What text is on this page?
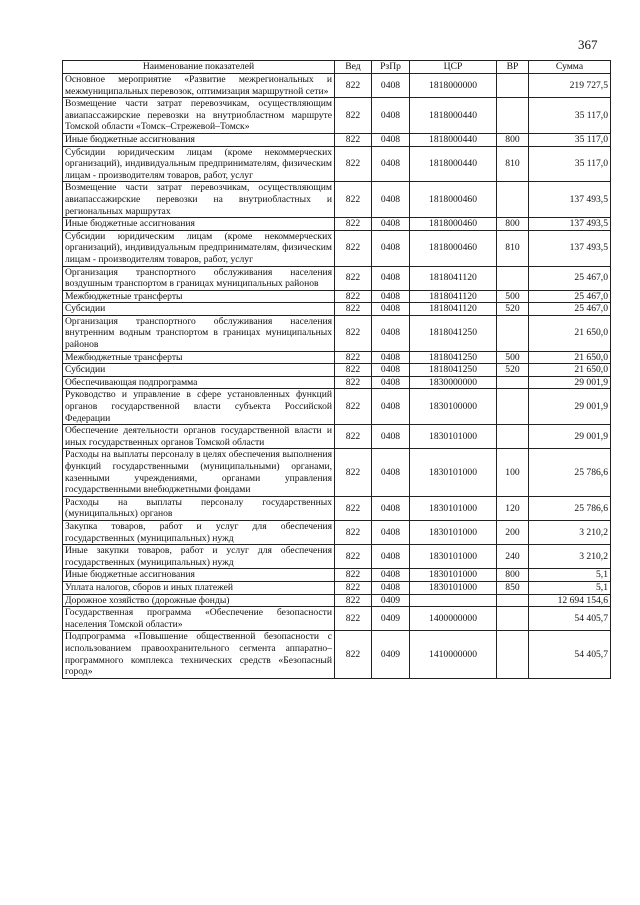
367
Наименование показателей	Вед	РзПр	ЦСР	ВР	Сумма
Основное мероприятие «Развитие межрегиональных и межмуниципальных перевозок, оптимизация маршрутной сети»	822	0408	1818000000		219 727,5
Возмещение части затрат перевозчикам, осуществляющим авиапассажирские перевозки на внутриобластном маршруте Томской области «Томск–Стрежевой–Томск»	822	0408	1818000440		35 117,0
Иные бюджетные ассигнования	822	0408	1818000440	800	35 117,0
Субсидии юридическим лицам (кроме некоммерческих организаций), индивидуальным предпринимателям, физическим лицам - производителям товаров, работ, услуг	822	0408	1818000440	810	35 117,0
Возмещение части затрат перевозчикам, осуществляющим авиапассажирские перевозки на внутриобластных и региональных маршрутах	822	0408	1818000460		137 493,5
Иные бюджетные ассигнования	822	0408	1818000460	800	137 493,5
Субсидии юридическим лицам (кроме некоммерческих организаций), индивидуальным предпринимателям, физическим лицам - производителям товаров, работ, услуг	822	0408	1818000460	810	137 493,5
Организация транспортного обслуживания населения воздушным транспортом в границах муниципальных районов	822	0408	1818041120		25 467,0
Межбюджетные трансферты	822	0408	1818041120	500	25 467,0
Субсидии	822	0408	1818041120	520	25 467,0
Организация транспортного обслуживания населения внутренним водным транспортом в границах муниципальных районов	822	0408	1818041250		21 650,0
Межбюджетные трансферты	822	0408	1818041250	500	21 650,0
Субсидии	822	0408	1818041250	520	21 650,0
Обеспечивающая подпрограмма	822	0408	1830000000		29 001,9
Руководство и управление в сфере установленных функций органов государственной власти субъекта Российской Федерации	822	0408	1830100000		29 001,9
Обеспечение деятельности органов государственной власти и иных государственных органов Томской области	822	0408	1830101000		29 001,9
Расходы на выплаты персоналу в целях обеспечения выполнения функций государственными (муниципальными) органами, казенными учреждениями, органами управления государственными внебюджетными фондами	822	0408	1830101000	100	25 786,6
Расходы на выплаты персоналу государственных (муниципальных) органов	822	0408	1830101000	120	25 786,6
Закупка товаров, работ и услуг для обеспечения государственных (муниципальных) нужд	822	0408	1830101000	200	3 210,2
Иные закупки товаров, работ и услуг для обеспечения государственных (муниципальных) нужд	822	0408	1830101000	240	3 210,2
Иные бюджетные ассигнования	822	0408	1830101000	800	5,1
Уплата налогов, сборов и иных платежей	822	0408	1830101000	850	5,1
Дорожное хозяйство (дорожные фонды)	822	0409			12 694 154,6
Государственная программа «Обеспечение безопасности населения Томской области»	822	0409	1400000000		54 405,7
Подпрограмма «Повышение общественной безопасности с использованием правоохранительного сегмента аппаратно–программного комплекса технических средств «Безопасный город»	822	0409	1410000000		54 405,7
